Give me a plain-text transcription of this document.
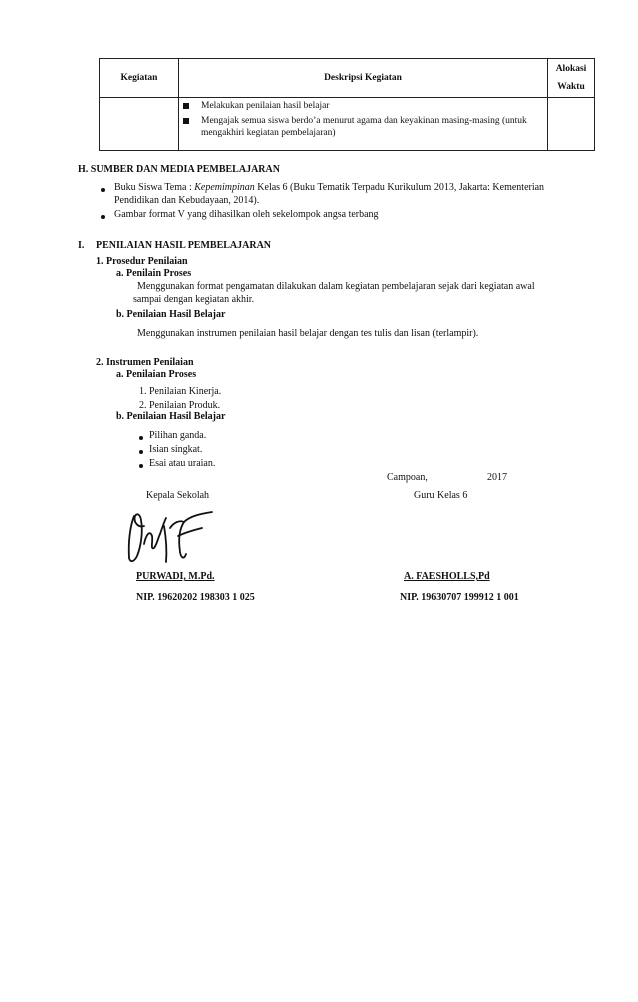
Kegiatan	Deskripsi Kegiatan	Alokasi
Waktu

	Melakukan penilaian hasil belajar
Mengajak semua siswa berdo’a menurut agama dan keyakinan masing-masing (untuk mengakhiri kegiatan pembelajaran)	

H. SUMBER DAN MEDIA PEMBELAJARAN
Buku Siswa Tema : Kepemimpinan Kelas 6 (Buku Tematik Terpadu Kurikulum 2013, Jakarta: Kementerian
Pendidikan dan Kebudayaan, 2014).
Gambar format V yang dihasilkan oleh sekelompok angsa terbang
I. PENILAIAN HASIL PEMBELAJARAN
1. Prosedur Penilaian
a. Penilain Proses
Menggunakan format pengamatan dilakukan dalam kegiatan pembelajaran sejak dari kegiatan awal
sampai dengan kegiatan akhir.
b. Penilaian Hasil Belajar
Menggunakan instrumen penilaian hasil belajar dengan tes tulis dan lisan (terlampir).
2. Instrumen Penilaian
a. Penilaian Proses
1. Penilaian Kinerja.
2. Penilaian Produk.
b. Penilaian Hasil Belajar
Pilihan ganda.
Isian singkat.
Esai atau uraian.
Campoan,	2017
Kepala Sekolah	Guru Kelas 6
PURWADI, M.Pd.	A. FAESHOLLS,Pd
NIP. 19620202 198303 1 025	NIP. 19630707 199912 1 001
